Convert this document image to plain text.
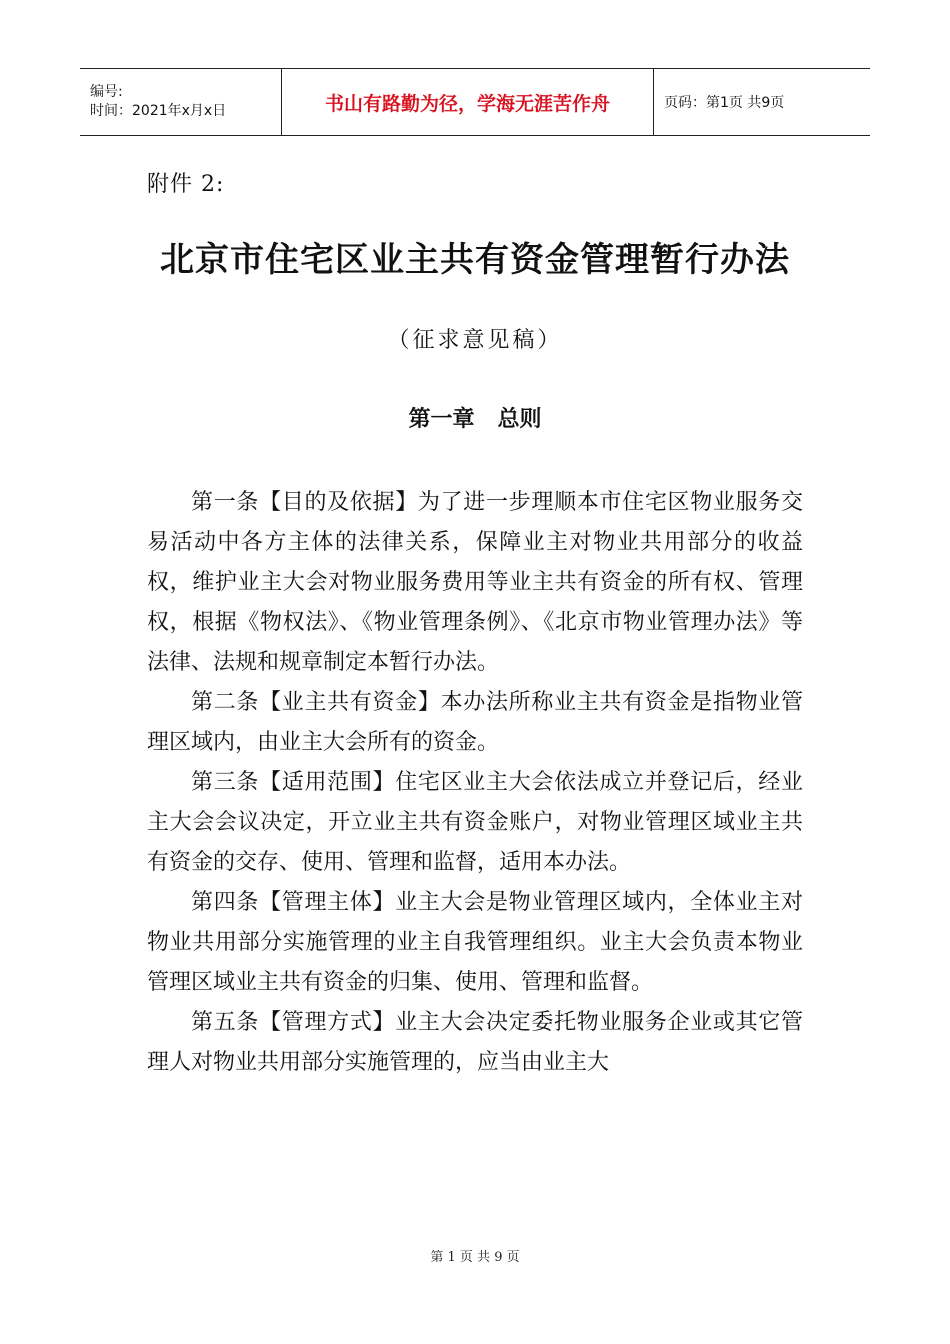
编号:
时间：2021年x月x日	书山有路勤为径，学海无涯苦作舟	页码：第1页 共9页
附件 2:
北京市住宅区业主共有资金管理暂行办法
（征求意见稿）
第一章   总则

第一条【目的及依据】为了进一步理顺本市住宅区物业服务交易活动中各方主体的法律关系，保障业主对物业共用部分的收益权，维护业主大会对物业服务费用等业主共有资金的所有权、管理权，根据《物权法》、《物业管理条例》、《北京市物业管理办法》等法律、法规和规章制定本暂行办法。

第二条【业主共有资金】本办法所称业主共有资金是指物业管理区域内，由业主大会所有的资金。

第三条【适用范围】住宅区业主大会依法成立并登记后，经业主大会会议决定，开立业主共有资金账户，对物业管理区域业主共有资金的交存、使用、管理和监督，适用本办法。

第四条【管理主体】业主大会是物业管理区域内，全体业主对物业共用部分实施管理的业主自我管理组织。业主大会负责本物业管理区域业主共有资金的归集、使用、管理和监督。

第五条【管理方式】业主大会决定委托物业服务企业或其它管理人对物业共用部分实施管理的，应当由业主大

第 1 页 共 9 页
